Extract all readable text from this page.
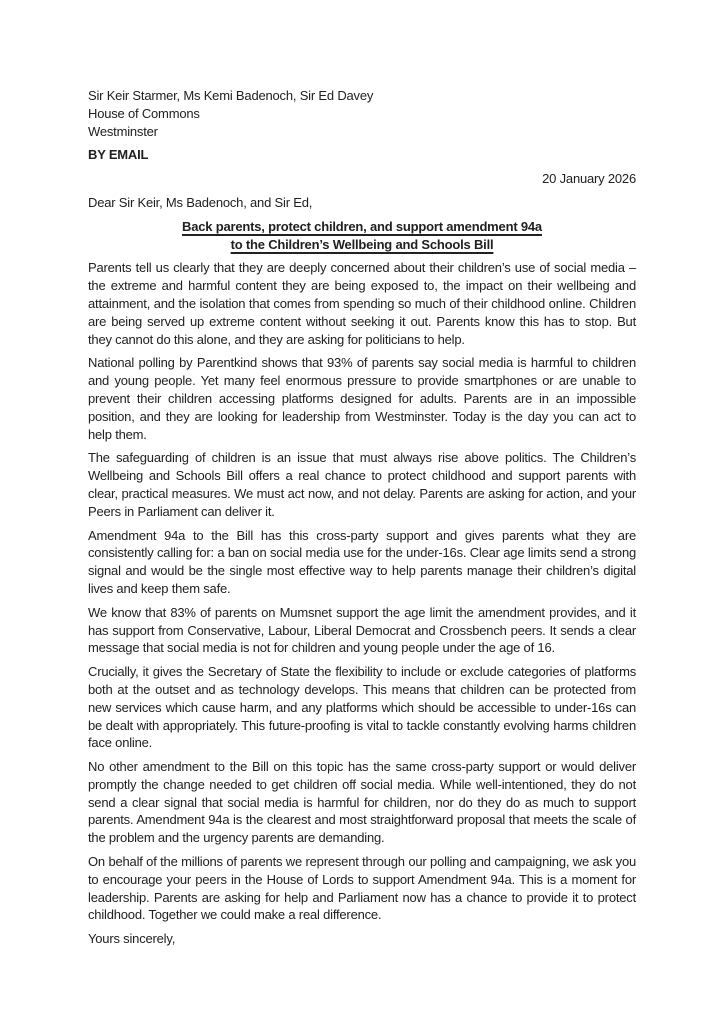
Sir Keir Starmer, Ms Kemi Badenoch, Sir Ed Davey
House of Commons
Westminster
BY EMAIL
20 January 2026
Dear Sir Keir, Ms Badenoch, and Sir Ed,
Back parents, protect children, and support amendment 94a
to the Children’s Wellbeing and Schools Bill

Parents tell us clearly that they are deeply concerned about their children’s use of social media – the extreme and harmful content they are being exposed to, the impact on their wellbeing and attainment, and the isolation that comes from spending so much of their childhood online. Children are being served up extreme content without seeking it out. Parents know this has to stop. But they cannot do this alone, and they are asking for politicians to help.

National polling by Parentkind shows that 93% of parents say social media is harmful to children and young people. Yet many feel enormous pressure to provide smartphones or are unable to prevent their children accessing platforms designed for adults. Parents are in an impossible position, and they are looking for leadership from Westminster. Today is the day you can act to help them.

The safeguarding of children is an issue that must always rise above politics. The Children’s Wellbeing and Schools Bill offers a real chance to protect childhood and support parents with clear, practical measures. We must act now, and not delay. Parents are asking for action, and your Peers in Parliament can deliver it.

Amendment 94a to the Bill has this cross-party support and gives parents what they are consistently calling for: a ban on social media use for the under-16s. Clear age limits send a strong signal and would be the single most effective way to help parents manage their children’s digital lives and keep them safe.

We know that 83% of parents on Mumsnet support the age limit the amendment provides, and it has support from Conservative, Labour, Liberal Democrat and Crossbench peers. It sends a clear message that social media is not for children and young people under the age of 16.

Crucially, it gives the Secretary of State the flexibility to include or exclude categories of platforms both at the outset and as technology develops. This means that children can be protected from new services which cause harm, and any platforms which should be accessible to under-16s can be dealt with appropriately. This future-proofing is vital to tackle constantly evolving harms children face online.

No other amendment to the Bill on this topic has the same cross-party support or would deliver promptly the change needed to get children off social media. While well-intentioned, they do not send a clear signal that social media is harmful for children, nor do they do as much to support parents. Amendment 94a is the clearest and most straightforward proposal that meets the scale of the problem and the urgency parents are demanding.

On behalf of the millions of parents we represent through our polling and campaigning, we ask you to encourage your peers in the House of Lords to support Amendment 94a. This is a moment for leadership. Parents are asking for help and Parliament now has a chance to provide it to protect childhood. Together we could make a real difference.

Yours sincerely,
